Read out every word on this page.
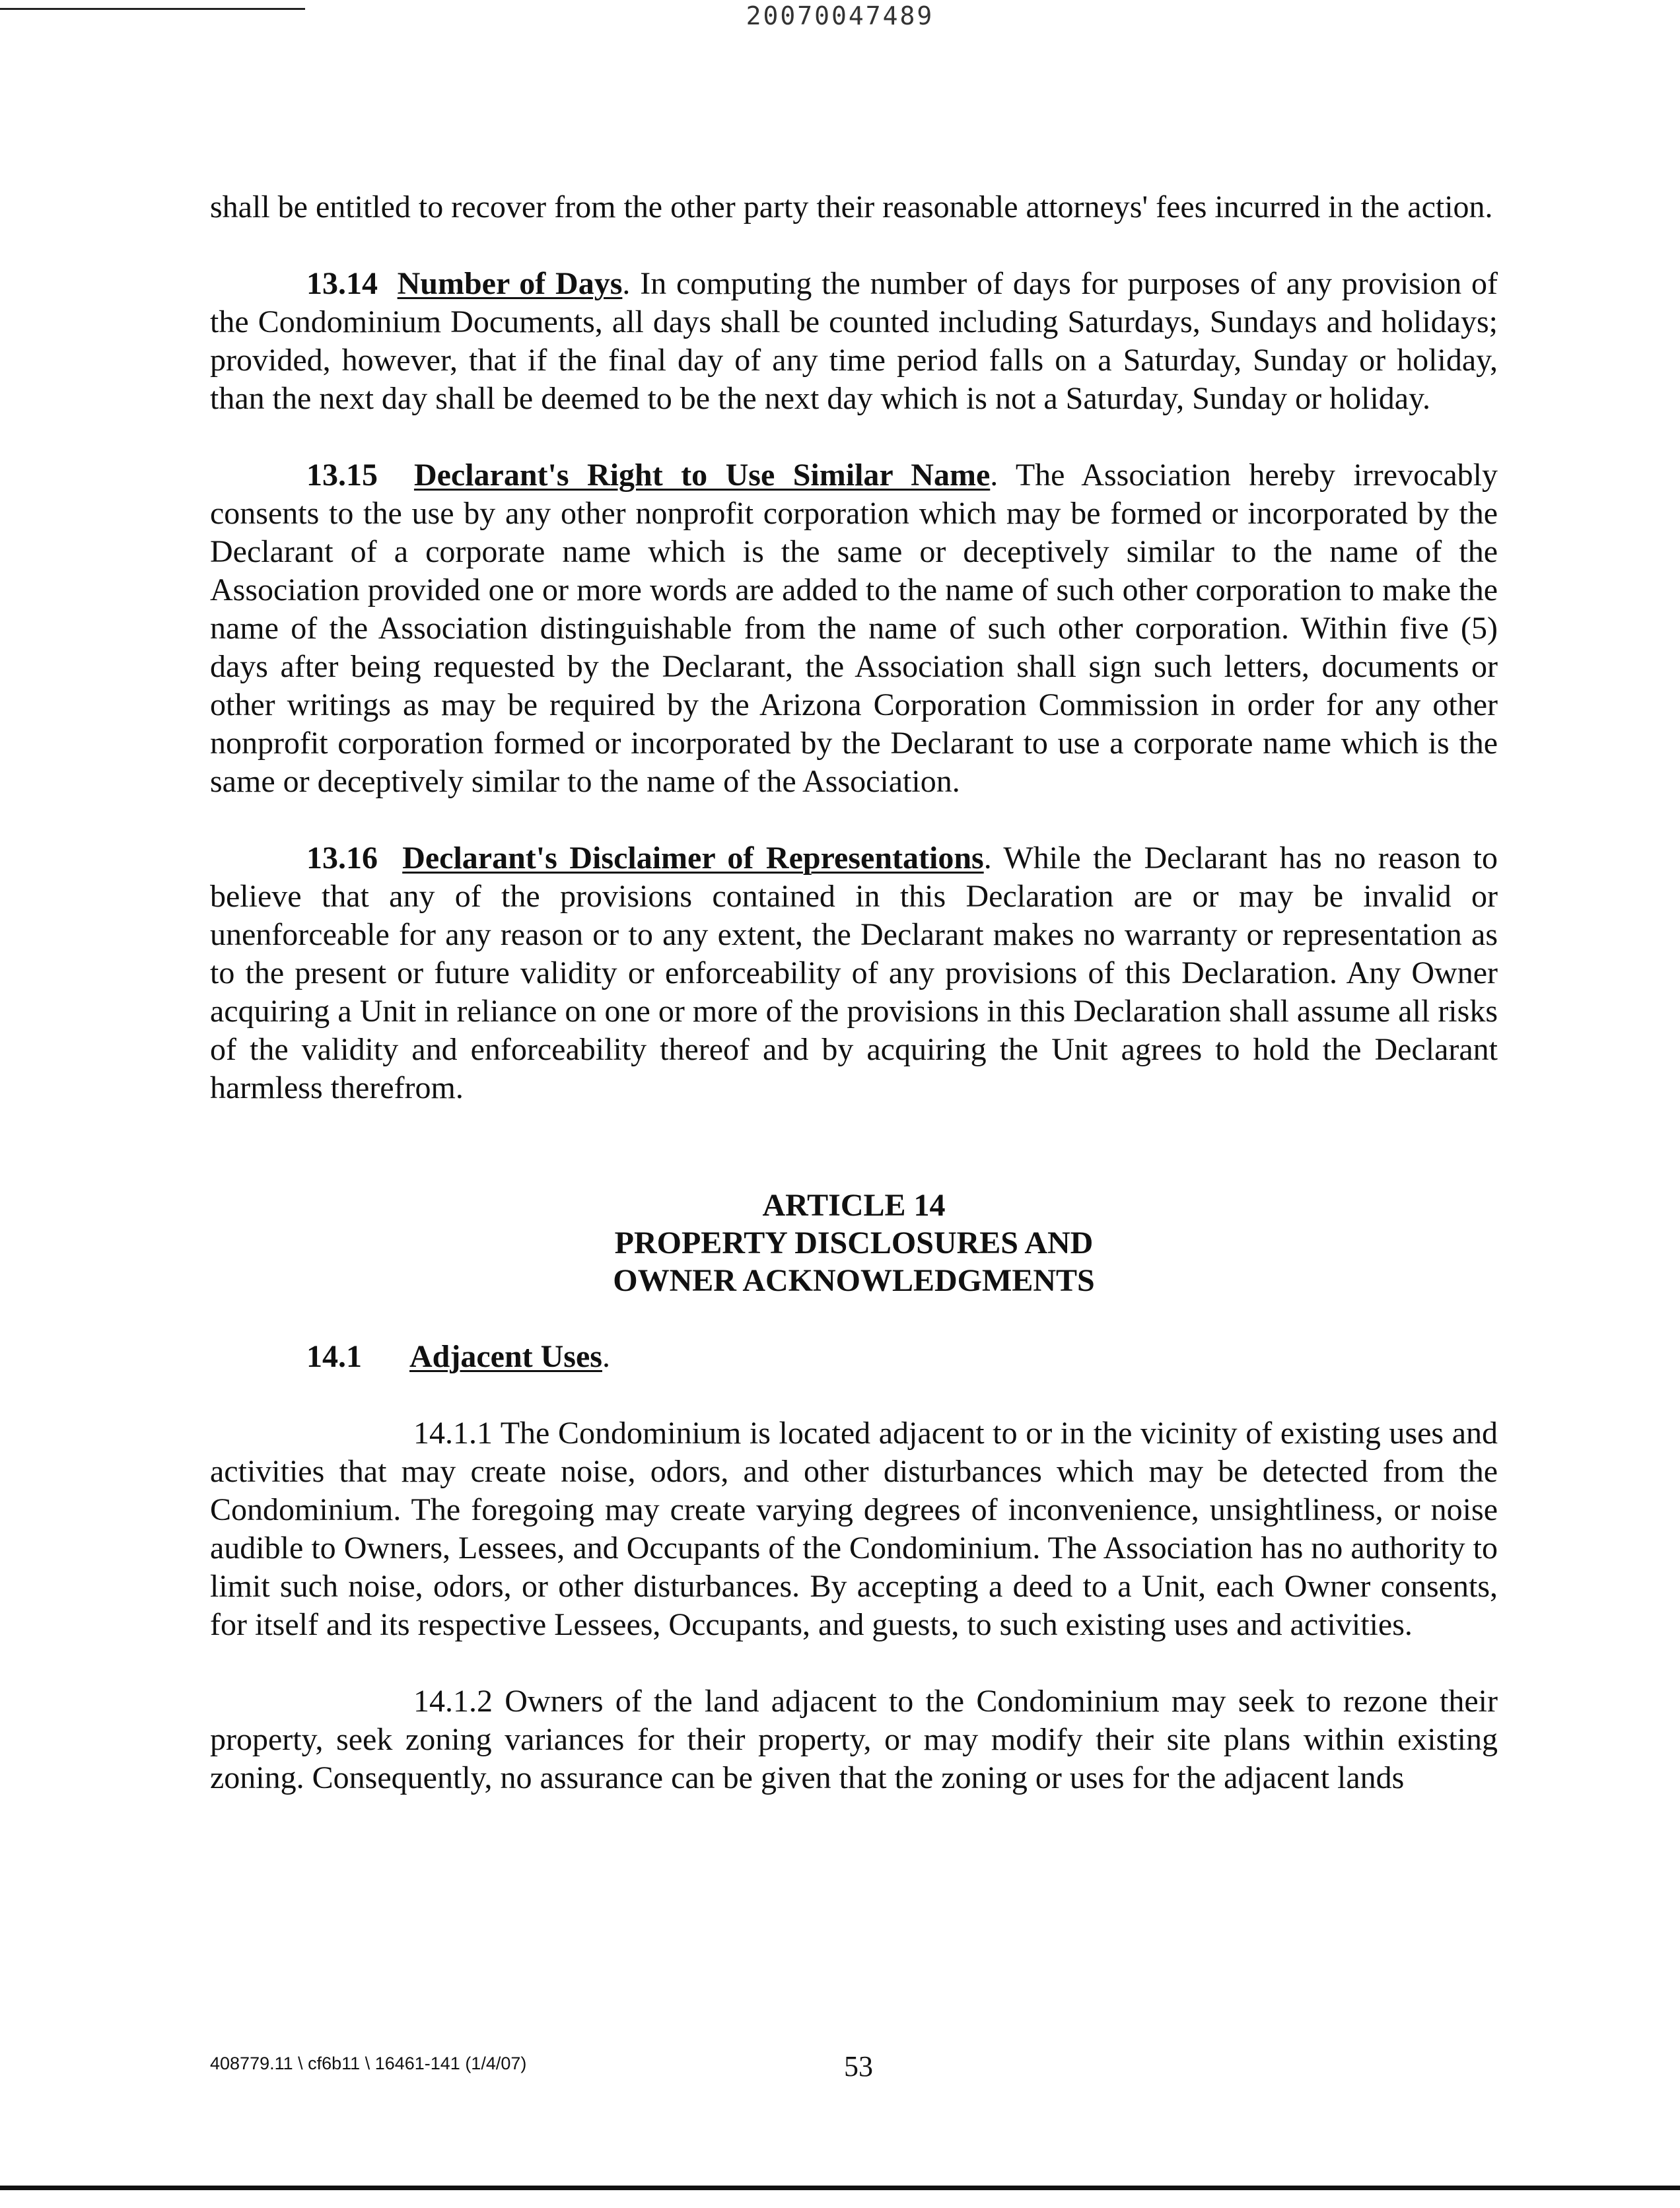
20070047489

shall be entitled to recover from the other party their reasonable attorneys' fees incurred in the action.

13.14 Number of Days. In computing the number of days for purposes of any provision of the Condominium Documents, all days shall be counted including Saturdays, Sundays and holidays; provided, however, that if the final day of any time period falls on a Saturday, Sunday or holiday, than the next day shall be deemed to be the next day which is not a Saturday, Sunday or holiday.

13.15 Declarant's Right to Use Similar Name. The Association hereby irrevocably consents to the use by any other nonprofit corporation which may be formed or incorporated by the Declarant of a corporate name which is the same or deceptively similar to the name of the Association provided one or more words are added to the name of such other corporation to make the name of the Association distinguishable from the name of such other corporation. Within five (5) days after being requested by the Declarant, the Association shall sign such letters, documents or other writings as may be required by the Arizona Corporation Commission in order for any other nonprofit corporation formed or incorporated by the Declarant to use a corporate name which is the same or deceptively similar to the name of the Association.

13.16 Declarant's Disclaimer of Representations. While the Declarant has no reason to believe that any of the provisions contained in this Declaration are or may be invalid or unenforceable for any reason or to any extent, the Declarant makes no warranty or representation as to the present or future validity or enforceability of any provisions of this Declaration. Any Owner acquiring a Unit in reliance on one or more of the provisions in this Declaration shall assume all risks of the validity and enforceability thereof and by acquiring the Unit agrees to hold the Declarant harmless therefrom.

ARTICLE 14
PROPERTY DISCLOSURES AND
OWNER ACKNOWLEDGMENTS
14.1 Adjacent Uses.

14.1.1 The Condominium is located adjacent to or in the vicinity of existing uses and activities that may create noise, odors, and other disturbances which may be detected from the Condominium. The foregoing may create varying degrees of inconvenience, unsightliness, or noise audible to Owners, Lessees, and Occupants of the Condominium. The Association has no authority to limit such noise, odors, or other disturbances. By accepting a deed to a Unit, each Owner consents, for itself and its respective Lessees, Occupants, and guests, to such existing uses and activities.

14.1.2 Owners of the land adjacent to the Condominium may seek to rezone their property, seek zoning variances for their property, or may modify their site plans within existing zoning. Consequently, no assurance can be given that the zoning or uses for the adjacent lands

408779.11 \ cf6b11 \ 16461-141 (1/4/07)	53
